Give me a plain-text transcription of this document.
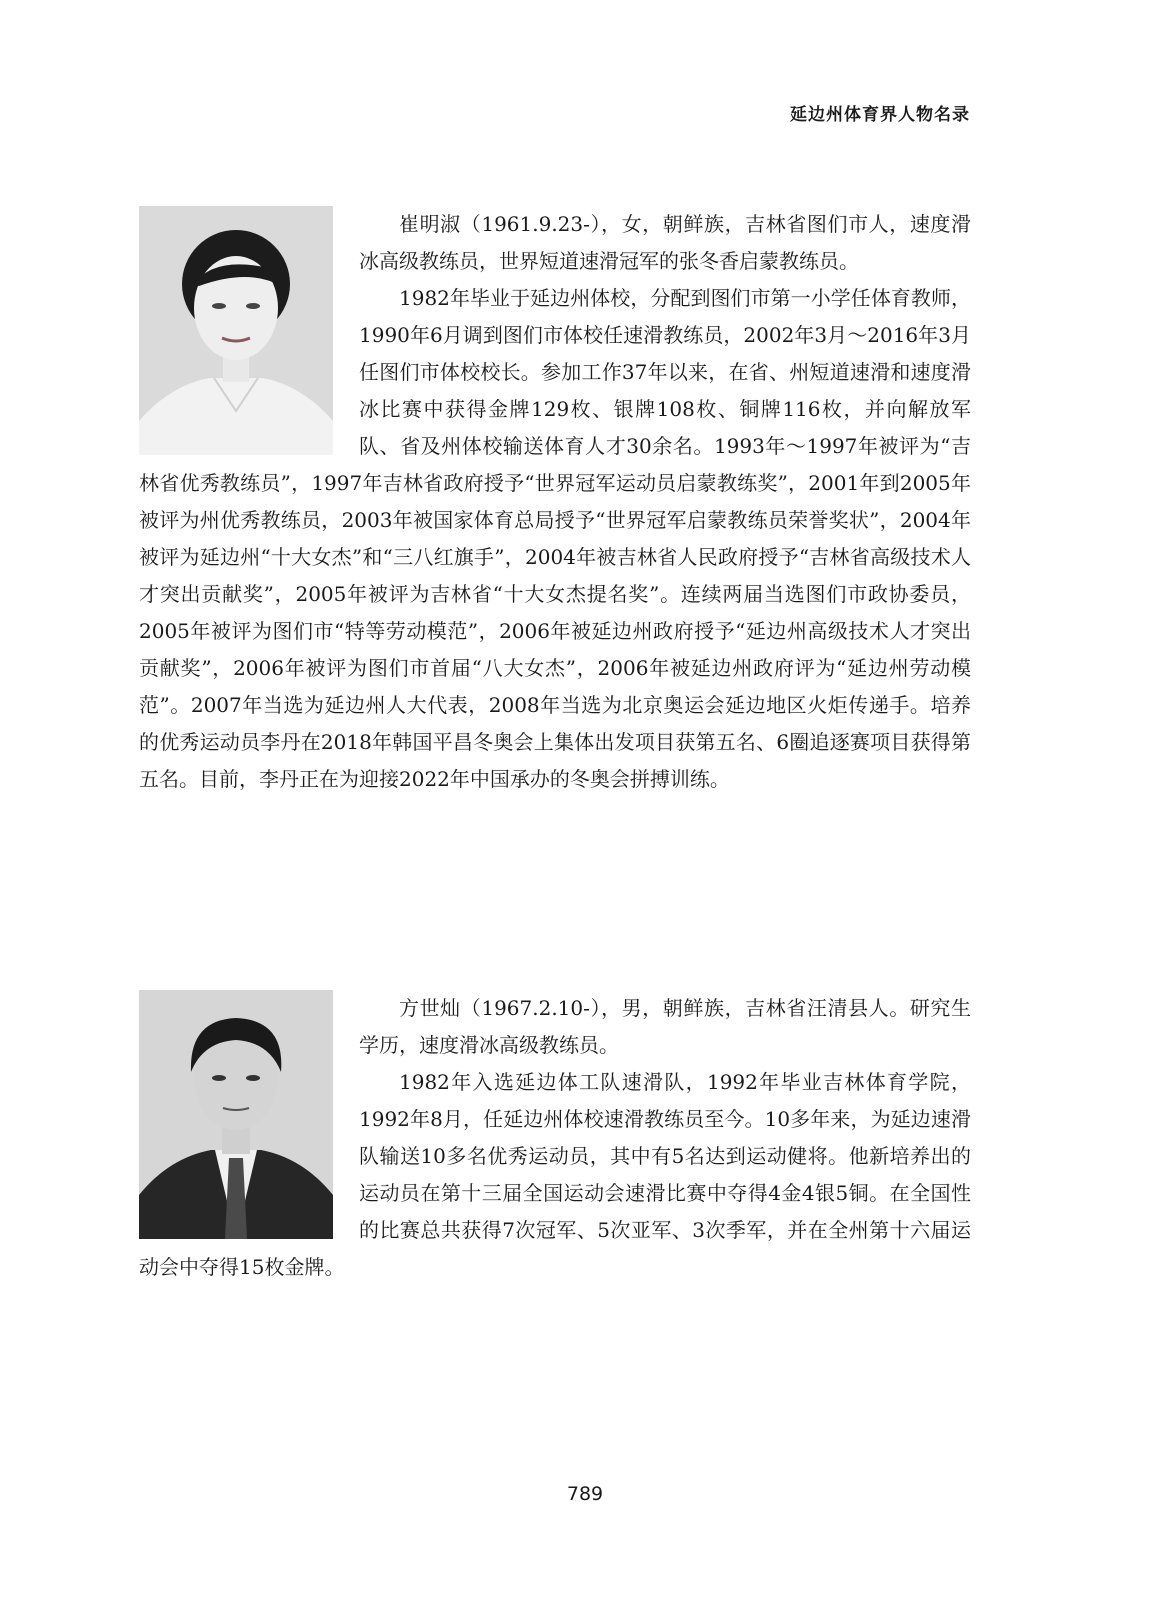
延边州体育界人物名录

崔明淑（1961.9.23-），女，朝鲜族，吉林省图们市人，速度滑冰高级教练员，世界短道速滑冠军的张冬香启蒙教练员。

1982年毕业于延边州体校，分配到图们市第一小学任体育教师，1990年6月调到图们市体校任速滑教练员，2002年3月～2016年3月任图们市体校校长。参加工作37年以来，在省、州短道速滑和速度滑冰比赛中获得金牌129枚、银牌108枚、铜牌116枚，并向解放军队、省及州体校输送体育人才30余名。1993年～1997年被评为“吉林省优秀教练员”，1997年吉林省政府授予“世界冠军运动员启蒙教练奖”，2001年到2005年被评为州优秀教练员，2003年被国家体育总局授予“世界冠军启蒙教练员荣誉奖状”，2004年被评为延边州“十大女杰”和“三八红旗手”，2004年被吉林省人民政府授予“吉林省高级技术人才突出贡献奖”，2005年被评为吉林省“十大女杰提名奖”。连续两届当选图们市政协委员，2005年被评为图们市“特等劳动模范”，2006年被延边州政府授予“延边州高级技术人才突出贡献奖”，2006年被评为图们市首届“八大女杰”，2006年被延边州政府评为“延边州劳动模范”。2007年当选为延边州人大代表，2008年当选为北京奥运会延边地区火炬传递手。培养的优秀运动员李丹在2018年韩国平昌冬奥会上集体出发项目获第五名、6圈追逐赛项目获得第五名。目前，李丹正在为迎接2022年中国承办的冬奥会拼搏训练。

方世灿（1967.2.10-），男，朝鲜族，吉林省汪清县人。研究生学历，速度滑冰高级教练员。

1982年入选延边体工队速滑队，1992年毕业吉林体育学院，1992年8月，任延边州体校速滑教练员至今。10多年来，为延边速滑队输送10多名优秀运动员，其中有5名达到运动健将。他新培养出的运动员在第十三届全国运动会速滑比赛中夺得4金4银5铜。在全国性的比赛总共获得7次冠军、5次亚军、3次季军，并在全州第十六届运动会中夺得15枚金牌。

789
